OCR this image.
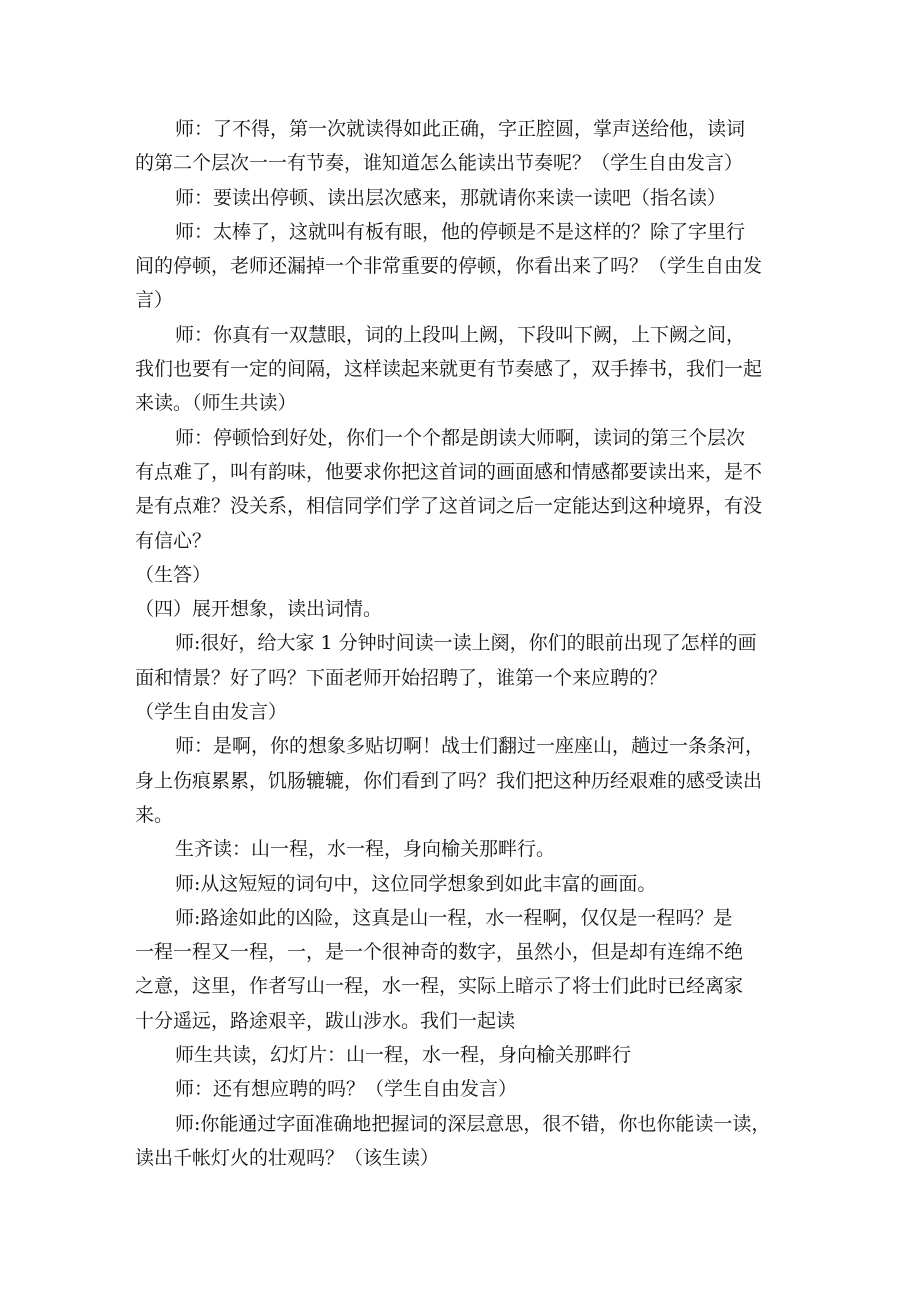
师：了不得，第一次就读得如此正确，字正腔圆，掌声送给他，读词
的第二个层次一一有节奏，谁知道怎么能读出节奏呢？（学生自由发言）

师：要读出停顿、读出层次感来，那就请你来读一读吧（指名读）

师：太棒了，这就叫有板有眼，他的停顿是不是这样的？除了字里行
间的停顿，老师还漏掉一个非常重要的停顿，你看出来了吗？（学生自由发
言）

师：你真有一双慧眼，词的上段叫上阙，下段叫下阙，上下阙之间，
我们也要有一定的间隔，这样读起来就更有节奏感了，双手捧书，我们一起
来读。（师生共读）

师：停顿恰到好处，你们一个个都是朗读大师啊，读词的第三个层次
有点难了，叫有韵味，他要求你把这首词的画面感和情感都要读出来，是不
是有点难？没关系，相信同学们学了这首词之后一定能达到这种境界，有没
有信心？

（生答）

（四）展开想象，读出词情。

师:很好，给大家 1 分钟时间读一读上阕，你们的眼前出现了怎样的画
面和情景？好了吗？下面老师开始招聘了，谁第一个来应聘的？

（学生自由发言）

师：是啊，你的想象多贴切啊！战士们翻过一座座山，趟过一条条河，
身上伤痕累累，饥肠辘辘，你们看到了吗？我们把这种历经艰难的感受读出
来。

生齐读：山一程，水一程，身向榆关那畔行。

师:从这短短的词句中，这位同学想象到如此丰富的画面。

师:路途如此的凶险，这真是山一程，水一程啊，仅仅是一程吗？是
一程一程又一程，一，是一个很神奇的数字，虽然小，但是却有连绵不绝
之意，这里，作者写山一程，水一程，实际上暗示了将士们此时已经离家
十分遥远，路途艰辛，跋山涉水。我们一起读

师生共读，幻灯片：山一程，水一程，身向榆关那畔行

师：还有想应聘的吗？（学生自由发言）

师:你能通过字面准确地把握词的深层意思，很不错，你也你能读一读，
读出千帐灯火的壮观吗？（该生读）
